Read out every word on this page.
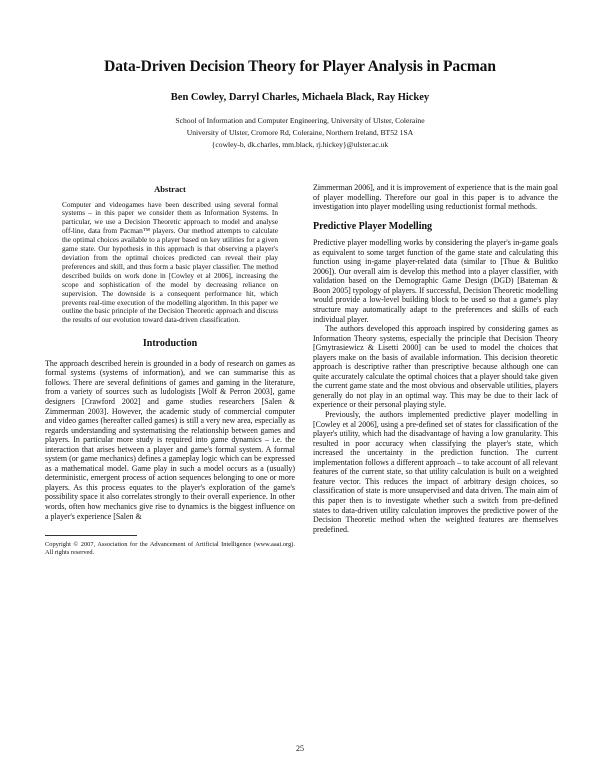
Data-Driven Decision Theory for Player Analysis in Pacman
Ben Cowley, Darryl Charles, Michaela Black, Ray Hickey
School of Information and Computer Engineering, University of Ulster, Coleraine
University of Ulster, Cromore Rd, Coleraine, Northern Ireland, BT52 1SA
{cowley-b, dk.charles, mm.black, rj.hickey}@ulster.ac.uk
Abstract

Computer and videogames have been described using several formal systems – in this paper we consider them as Information Systems. In particular, we use a Decision Theoretic approach to model and analyse off-line, data from Pacman™ players. Our method attempts to calculate the optimal choices available to a player based on key utilities for a given game state. Our hypothesis in this approach is that observing a player's deviation from the optimal choices predicted can reveal their play preferences and skill, and thus form a basic player classifier. The method described builds on work done in [Cowley et al 2006], increasing the scope and sophistication of the model by decreasing reliance on supervision. The downside is a consequent performance hit, which prevents real-time execution of the modelling algorithm. In this paper we outline the basic principle of the Decision Theoretic approach and discuss the results of our evolution toward data-driven classification.

Introduction

The approach described herein is grounded in a body of research on games as formal systems (systems of information), and we can summarise this as follows. There are several definitions of games and gaming in the literature, from a variety of sources such as ludologists [Wolf & Perron 2003], game designers [Crawford 2002] and game studies researchers [Salen & Zimmerman 2003]. However, the academic study of commercial computer and video games (hereafter called games) is still a very new area, especially as regards understanding and systematising the relationship between games and players. In particular more study is required into game dynamics – i.e. the interaction that arises between a player and game's formal system. A formal system (or game mechanics) defines a gameplay logic which can be expressed as a mathematical model. Game play in such a model occurs as a (usually) deterministic, emergent process of action sequences belonging to one or more players. As this process equates to the player's exploration of the game's possibility space it also correlates strongly to their overall experience. In other words, often how mechanics give rise to dynamics is the biggest influence on a player's experience [Salen &

Copyright © 2007, Association for the Advancement of Artificial Intelligence (www.aaai.org). All rights reserved.

Zimmerman 2006], and it is improvement of experience that is the main goal of player modelling. Therefore our goal in this paper is to advance the investigation into player modelling using reductionist formal methods.

Predictive Player Modelling

Predictive player modelling works by considering the player's in-game goals as equivalent to some target function of the game state and calculating this function using in-game player-related data (similar to [Thue & Bulitko 2006]). Our overall aim is develop this method into a player classifier, with validation based on the Demographic Game Design (DGD) [Bateman & Boon 2005] typology of players. If successful, Decision Theoretic modelling would provide a low-level building block to be used so that a game's play structure may automatically adapt to the preferences and skills of each individual player.

The authors developed this approach inspired by considering games as Information Theory systems, especially the principle that Decision Theory [Gmytrasiewicz & Lisetti 2000] can be used to model the choices that players make on the basis of available information. This decision theoretic approach is descriptive rather than prescriptive because although one can quite accurately calculate the optimal choices that a player should take given the current game state and the most obvious and observable utilities, players generally do not play in an optimal way. This may be due to their lack of experience or their personal playing style.

Previously, the authors implemented predictive player modelling in [Cowley et al 2006], using a pre-defined set of states for classification of the player's utility, which had the disadvantage of having a low granularity. This resulted in poor accuracy when classifying the player's state, which increased the uncertainty in the prediction function. The current implementation follows a different approach – to take account of all relevant features of the current state, so that utility calculation is built on a weighted feature vector. This reduces the impact of arbitrary design choices, so classification of state is more unsupervised and data driven. The main aim of this paper then is to investigate whether such a switch from pre-defined states to data-driven utility calculation improves the predictive power of the Decision Theoretic method when the weighted features are themselves predefined.

25
